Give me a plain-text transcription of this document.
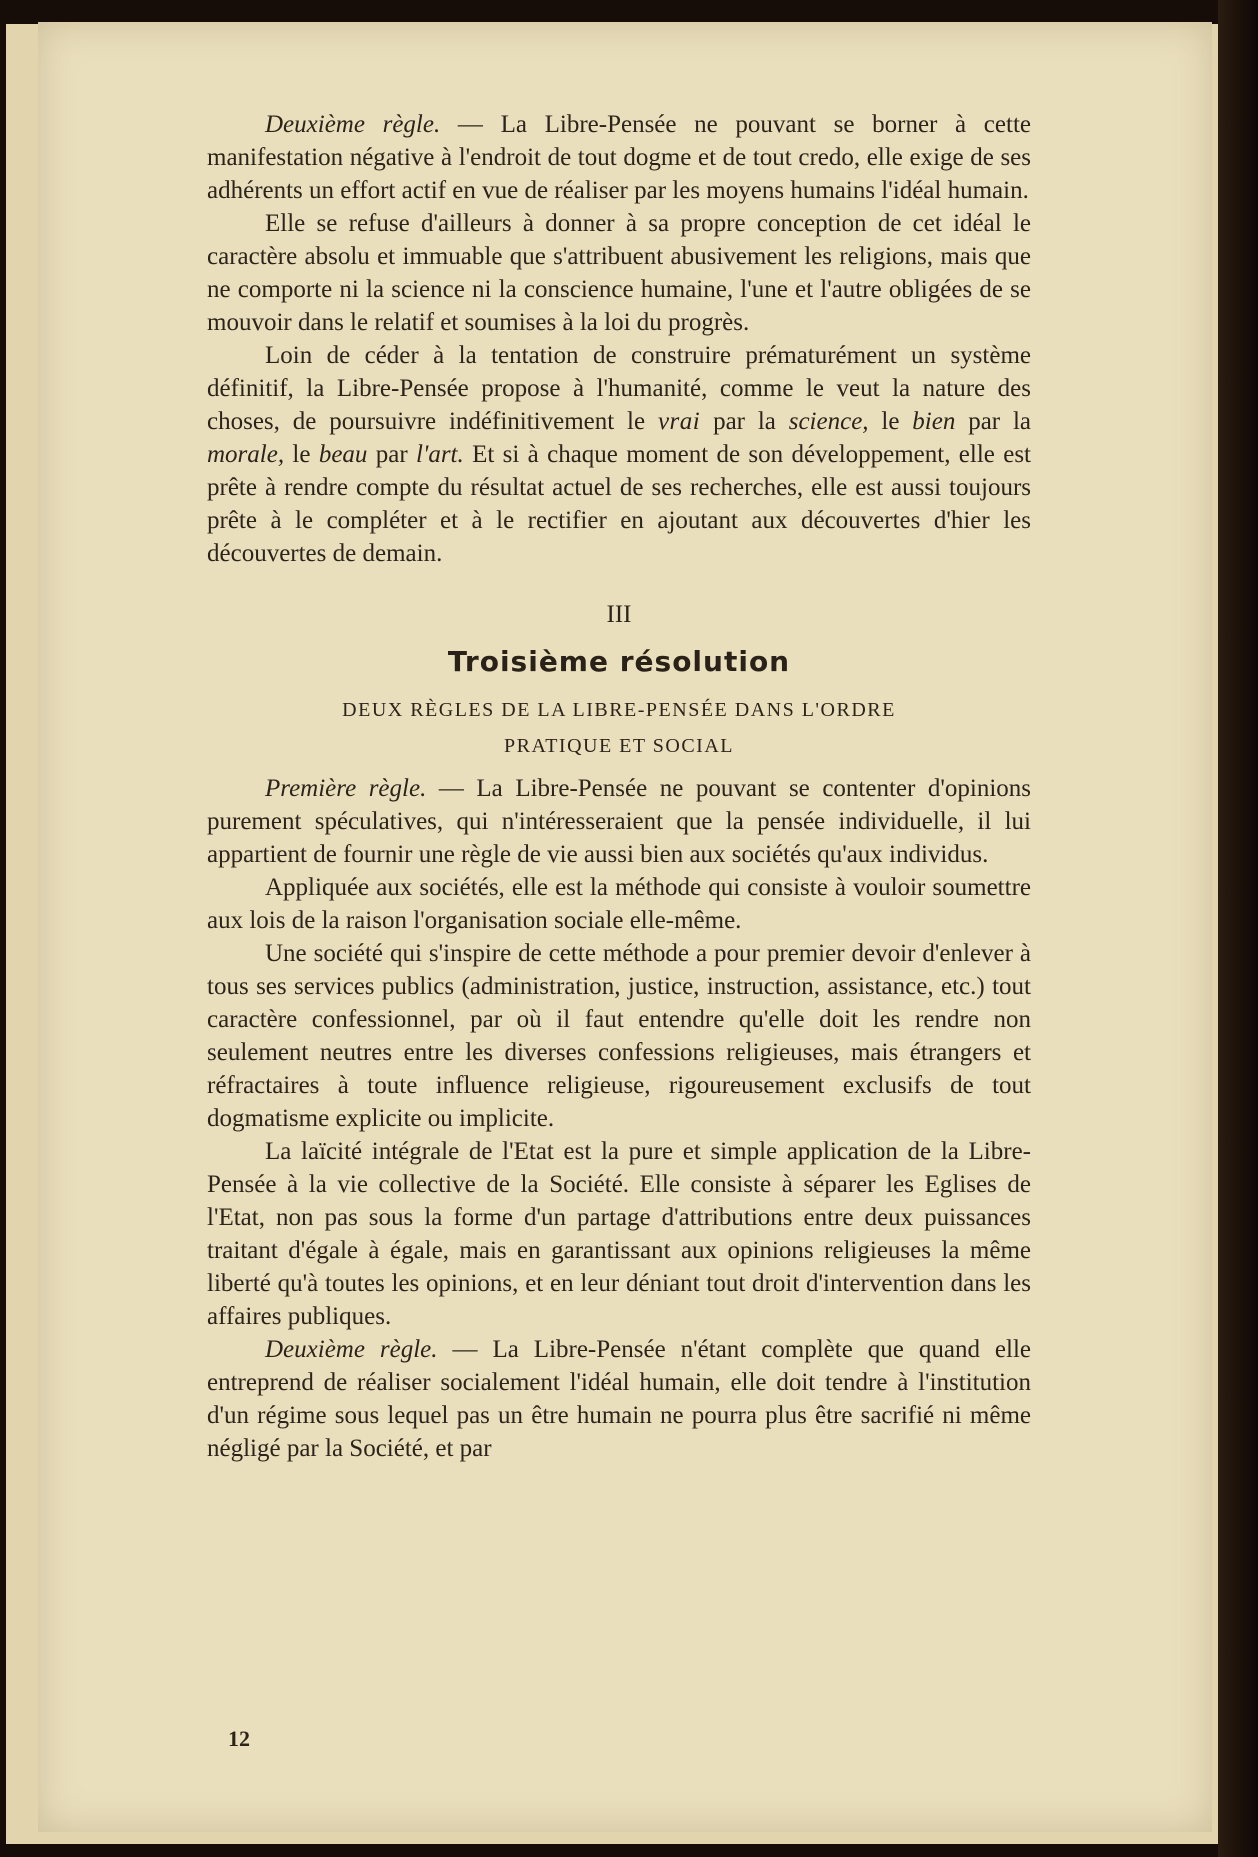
Deuxième règle. — La Libre-Pensée ne pouvant se borner à cette manifestation négative à l'endroit de tout dogme et de tout credo, elle exige de ses adhérents un effort actif en vue de réaliser par les moyens humains l'idéal humain.

Elle se refuse d'ailleurs à donner à sa propre conception de cet idéal le caractère absolu et immuable que s'attribuent abusivement les religions, mais que ne comporte ni la science ni la conscience humaine, l'une et l'autre obligées de se mouvoir dans le relatif et soumises à la loi du progrès.

Loin de céder à la tentation de construire prématurément un système définitif, la Libre-Pensée propose à l'humanité, comme le veut la nature des choses, de poursuivre indéfinitivement le vrai par la science, le bien par la morale, le beau par l'art. Et si à chaque moment de son développement, elle est prête à rendre compte du résultat actuel de ses recherches, elle est aussi toujours prête à le compléter et à le rectifier en ajoutant aux découvertes d'hier les découvertes de demain.

III
Troisième résolution
DEUX RÈGLES DE LA LIBRE-PENSÉE DANS L'ORDRE
PRATIQUE ET SOCIAL

Première règle. — La Libre-Pensée ne pouvant se contenter d'opinions purement spéculatives, qui n'intéresseraient que la pensée individuelle, il lui appartient de fournir une règle de vie aussi bien aux sociétés qu'aux individus.

Appliquée aux sociétés, elle est la méthode qui consiste à vouloir soumettre aux lois de la raison l'organisation sociale elle-même.

Une société qui s'inspire de cette méthode a pour premier devoir d'enlever à tous ses services publics (administration, justice, instruction, assistance, etc.) tout caractère confessionnel, par où il faut entendre qu'elle doit les rendre non seulement neutres entre les diverses confessions religieuses, mais étrangers et réfractaires à toute influence religieuse, rigoureusement exclusifs de tout dogmatisme explicite ou implicite.

La laïcité intégrale de l'Etat est la pure et simple application de la Libre-Pensée à la vie collective de la Société. Elle consiste à séparer les Eglises de l'Etat, non pas sous la forme d'un partage d'attributions entre deux puissances traitant d'égale à égale, mais en garantissant aux opinions religieuses la même liberté qu'à toutes les opinions, et en leur déniant tout droit d'intervention dans les affaires publiques.

Deuxième règle. — La Libre-Pensée n'étant complète que quand elle entreprend de réaliser socialement l'idéal humain, elle doit tendre à l'institution d'un régime sous lequel pas un être humain ne pourra plus être sacrifié ni même négligé par la Société, et par

12
